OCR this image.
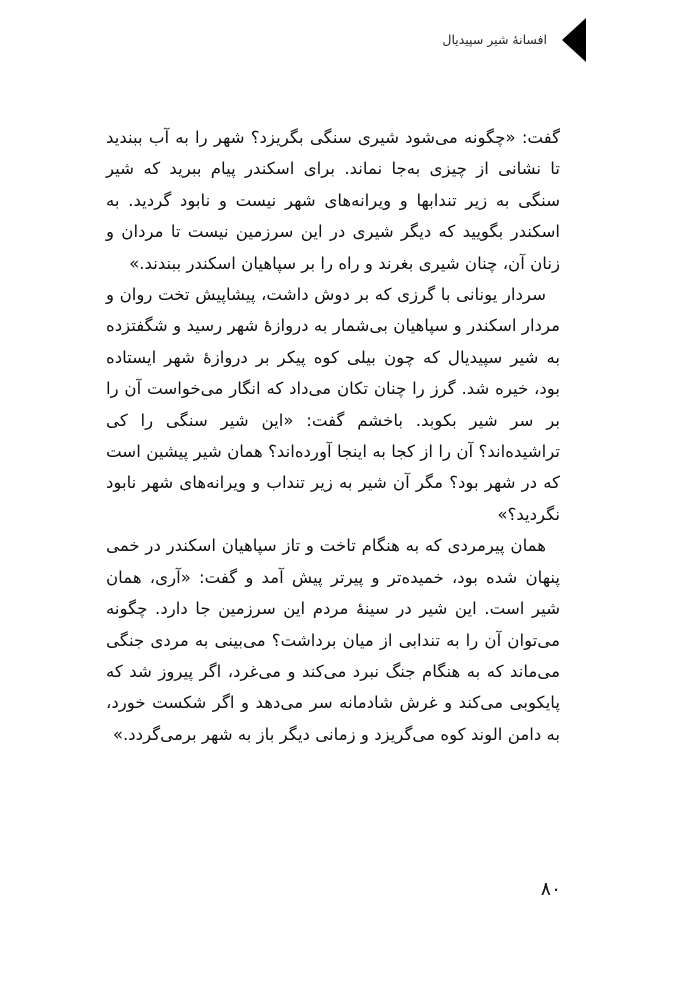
افسانهٔ شیر سپیدیال

گفت: «چگونه می‌شود شیری سنگی بگریزد؟ شهر را به آب ببندید تا نشانی از چیزی به‌جا نماند. برای اسکندر پیام ببرید که شیر سنگی به زیر تندابها و ویرانه‌های شهر نیست و نابود گردید. به اسکندر بگویید که دیگر شیری در این سرزمین نیست تا مردان و زنان آن، چنان شیری بغرند و راه را بر سپاهیان اسکندر ببندند.»

سردار یونانی با گرزی که بر دوش داشت، پیشاپیش تخت روان و مردار اسکندر و سپاهیان بی‌شمار به دروازهٔ شهر رسید و شگفتزده به شیر سپیدیال که چون بیلی کوه پیکر بر دروازهٔ شهر ایستاده بود، خیره شد. گرز را چنان تکان می‌داد که انگار می‌خواست آن را بر سر شیر بکوبد. باخشم گفت: «این شیر سنگی را کی تراشیده‌اند؟ آن را از کجا به اینجا آورده‌اند؟ همان شیر پیشین است که در شهر بود؟ مگر آن شیر به زیر تنداب و ویرانه‌های شهر نابود نگردید؟»

همان پیرمردی که به هنگام تاخت و تاز سپاهیان اسکندر در خمی پنهان شده بود، خمیده‌تر و پیرتر پیش آمد و گفت: «آری، همان شیر است. این شیر در سینهٔ مردم این سرزمین جا دارد. چگونه می‌توان آن را به تندابی از میان برداشت؟ می‌بینی به مردی جنگی می‌ماند که به هنگام جنگ نبرد می‌کند و می‌غرد، اگر پیروز شد که پایکوبی می‌کند و غرش شادمانه سر می‌دهد و اگر شکست خورد، به دامن الوند کوه می‌گریزد و زمانی دیگر باز به شهر برمی‌گردد.»

۸۰
